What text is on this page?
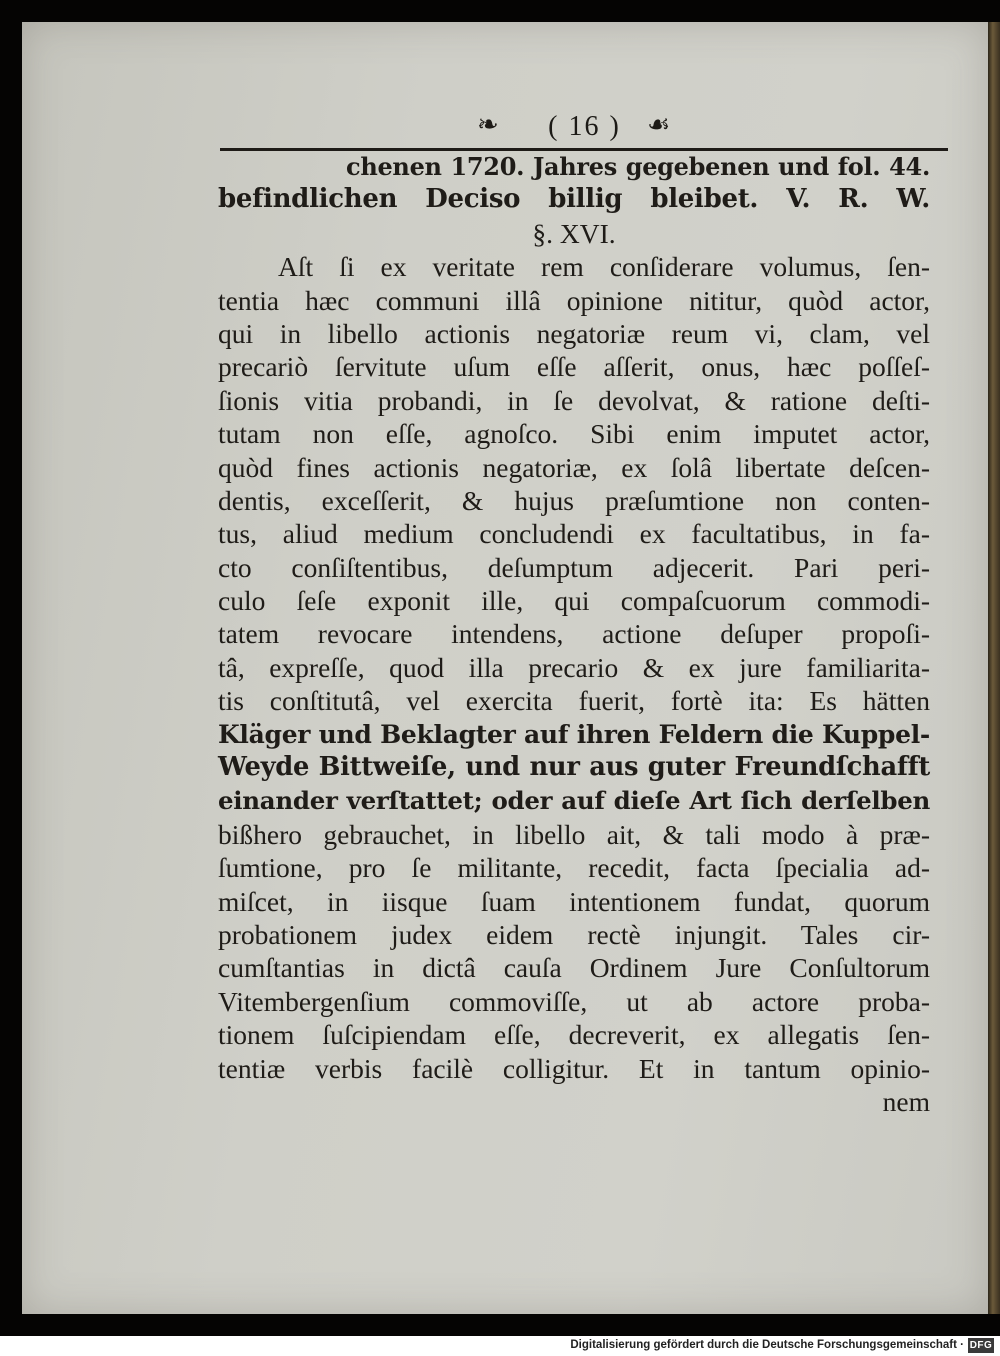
❧	( 16 )	☙
chenen 1720. Jahres gegebenen und fol. 44.
befindlichen Deciso billig bleibet. V. R. W.
§. XVI.
Aſt ſi ex veritate rem conſiderare volumus, ſen-
tentia hæc communi illâ opinione nititur, quòd actor,
qui in libello actionis negatoriæ reum vi, clam, vel
precariò ſervitute uſum eſſe aſſerit, onus, hæc poſſeſ-
ſionis vitia probandi, in ſe devolvat, & ratione deſti-
tutam non eſſe, agnoſco. Sibi enim imputet actor,
quòd fines actionis negatoriæ, ex ſolâ libertate deſcen-
dentis, exceſſerit, & hujus præſumtione non conten-
tus, aliud medium concludendi ex facultatibus, in fa-
cto conſiſtentibus, deſumptum adjecerit. Pari peri-
culo ſeſe exponit ille, qui compaſcuorum commodi-
tatem revocare intendens, actione deſuper propoſi-
tâ, expreſſe, quod illa precario & ex jure familiarita-
tis conſtitutâ, vel exercita fuerit, fortè ita: Es hätten
Kläger und Beklagter auf ihren Feldern die Kuppel-
Weyde Bittweiſe, und nur aus guter Freundſchafft
einander verſtattet; oder auf dieſe Art ſich derſelben
bißhero gebrauchet, in libello ait, & tali modo à præ-
ſumtione, pro ſe militante, recedit, facta ſpecialia ad-
miſcet, in iisque ſuam intentionem fundat, quorum
probationem judex eidem rectè injungit. Tales cir-
cumſtantias in dictâ cauſa Ordinem Jure Conſultorum
Vitembergenſium commoviſſe, ut ab actore proba-
tionem ſuſcipiendam eſſe, decreverit, ex allegatis ſen-
tentiæ verbis facilè colligitur. Et in tantum opinio-
nem
Digitalisierung gefördert durch die Deutsche Forschungsgemeinschaft · DFG
